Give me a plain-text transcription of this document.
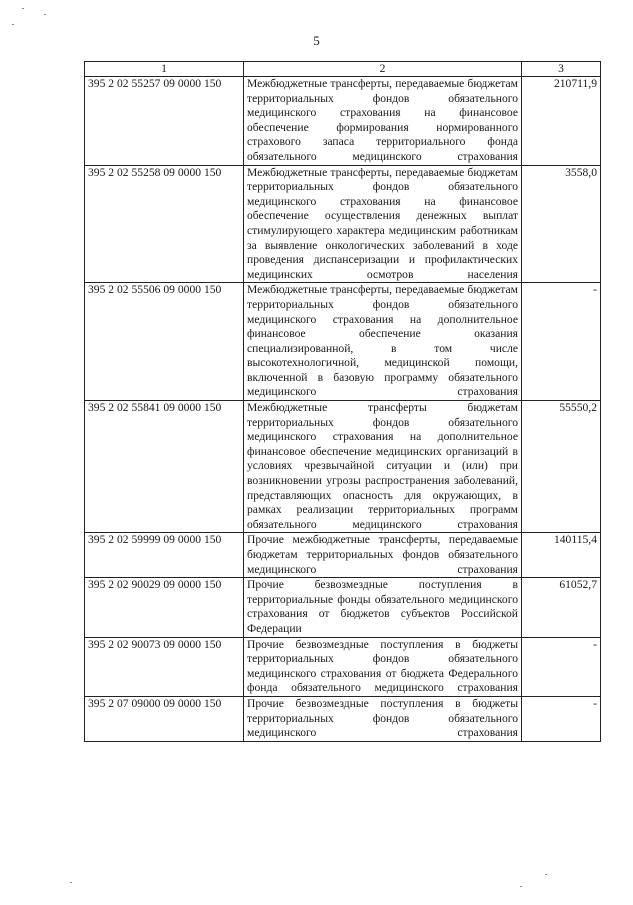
5
1	2	3
395 2 02 55257 09 0000 150	Межбюджетные трансферты, передаваемые бюджетам территориальных фондов обязательного медицинского страхования на финансовое обеспечение формирования нормированного страхового запаса территориального фонда обязательного медицинского страхования	210711,9
395 2 02 55258 09 0000 150	Межбюджетные трансферты, передаваемые бюджетам территориальных фондов обязательного медицинского страхования на финансовое обеспечение осуществления денежных выплат стимулирующего характера медицинским работникам за выявление онкологических заболеваний в ходе проведения диспансеризации и профилактических медицинских осмотров населения	3558,0
395 2 02 55506 09 0000 150	Межбюджетные трансферты, передаваемые бюджетам территориальных фондов обязательного медицинского страхования на дополнительное финансовое обеспечение оказания специализированной, в том числе высокотехнологичной, медицинской помощи, включенной в базовую программу обязательного медицинского страхования	-
395 2 02 55841 09 0000 150	Межбюджетные трансферты бюджетам территориальных фондов обязательного медицинского страхования на дополнительное финансовое обеспечение медицинских организаций в условиях чрезвычайной ситуации и (или) при возникновении угрозы распространения заболеваний, представляющих опасность для окружающих, в рамках реализации территориальных программ обязательного медицинского страхования	55550,2
395 2 02 59999 09 0000 150	Прочие межбюджетные трансферты, передаваемые бюджетам территориальных фондов обязательного медицинского страхования	140115,4
395 2 02 90029 09 0000 150	Прочие безвозмездные поступления в территориальные фонды обязательного медицинского страхования от бюджетов субъектов Российской Федерации	61052,7
395 2 02 90073 09 0000 150	Прочие безвозмездные поступления в бюджеты территориальных фондов обязательного медицинского страхования от бюджета Федерального фонда обязательного медицинского страхования	-
395 2 07 09000 09 0000 150	Прочие безвозмездные поступления в бюджеты территориальных фондов обязательного медицинского страхования	-
